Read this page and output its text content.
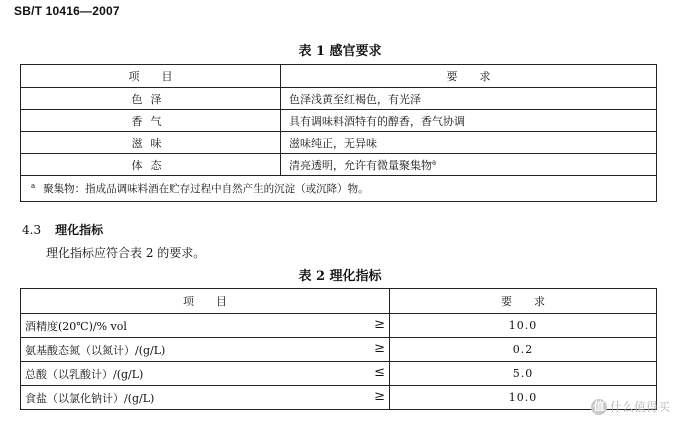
SB/T 10416—2007
表 1 感官要求
项　　目	要　　求
色泽	色泽浅黄至红褐色，有光泽
香气	具有调味料酒特有的醇香，香气协调
滋味	滋味纯正，无异味
体态	清亮透明，允许有微量聚集物$^a$
$^a$ 聚集物：指成品调味料酒在贮存过程中自然产生的沉淀（或沉降）物。	
4.3 理化指标
理化指标应符合表 2 的要求。
表 2 理化指标
项　　目	要　　求
酒精度(20℃)/% vol ≥	10.0
氨基酸态氮（以氮计）/(g/L) ≥	0.2
总酸（以乳酸计）/(g/L) ≤	5.0
食盐（以氯化钠计）/(g/L) ≥	10.0
值 什么值得买
